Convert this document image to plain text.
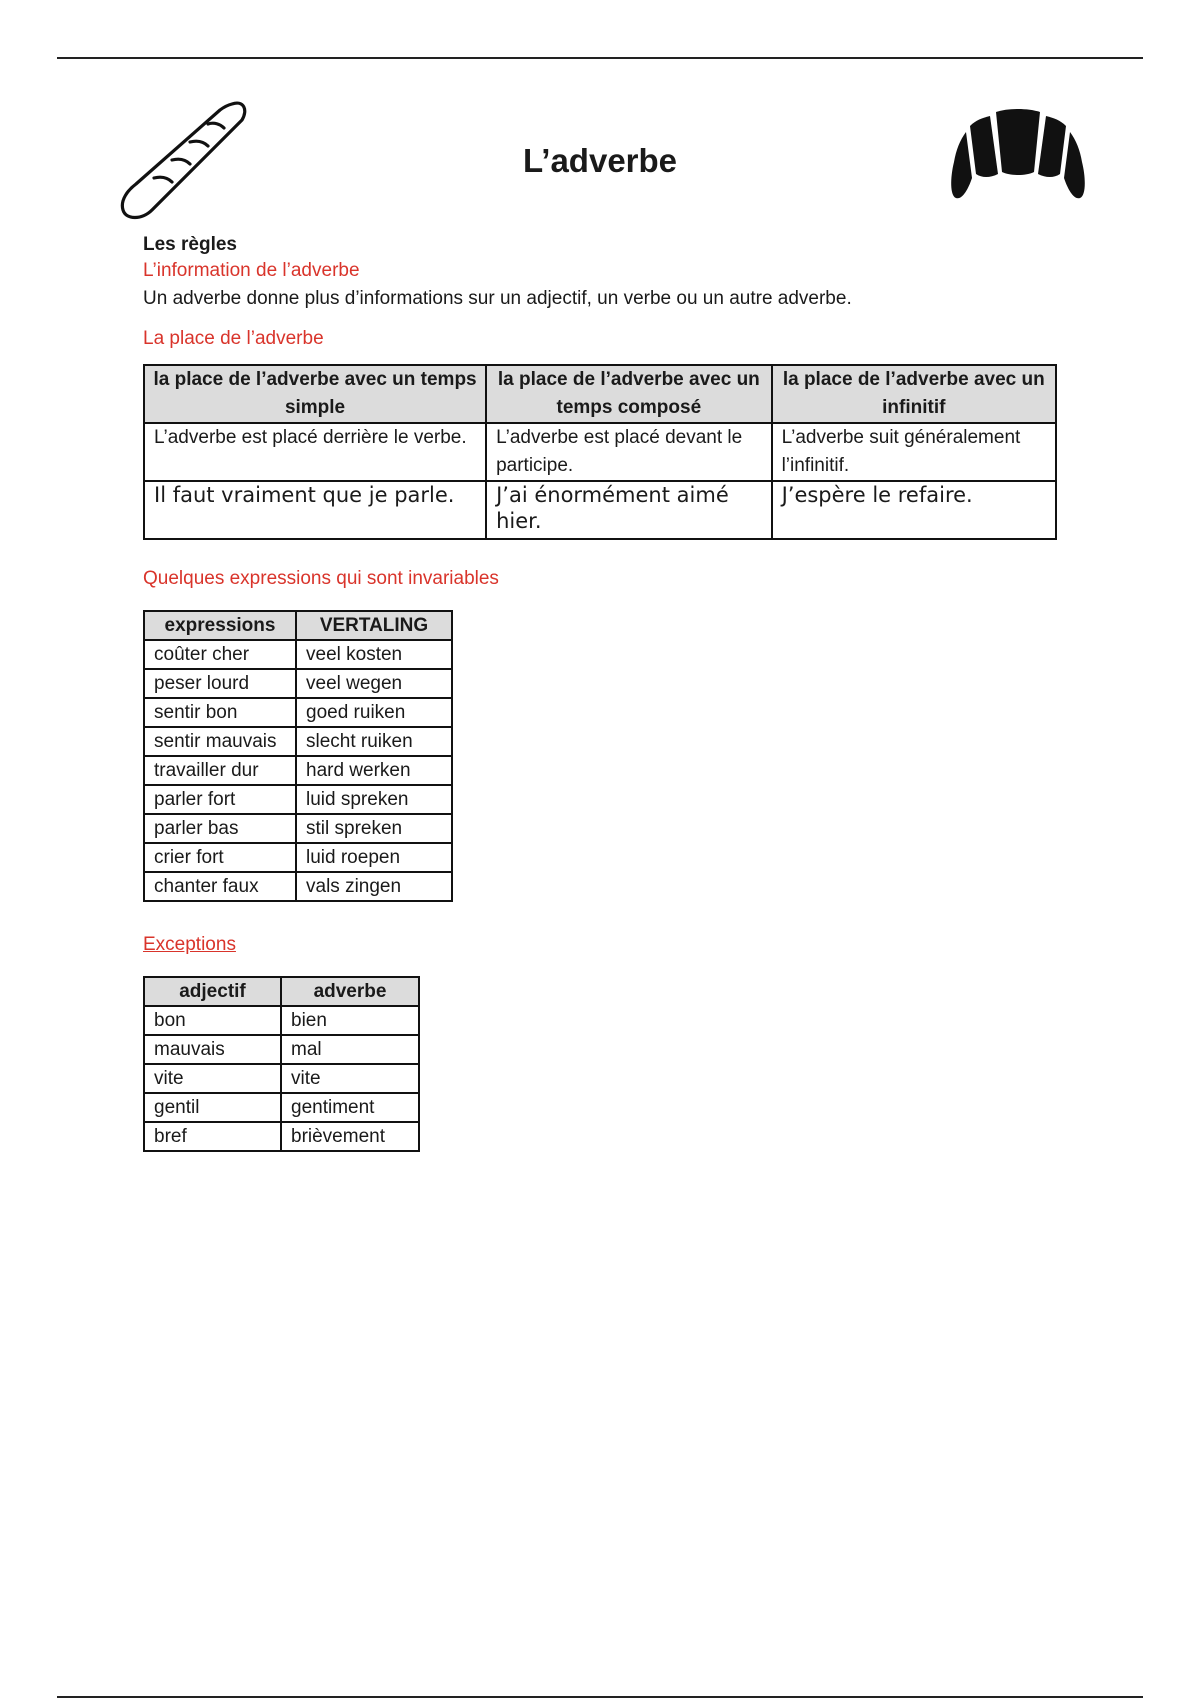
L’adverbe

Les règles

L’information de l’adverbe

Un adverbe donne plus d’informations sur un adjectif, un verbe ou un autre adverbe.

La place de l’adverbe

la place de l’adverbe avec un temps simple	la place de l’adverbe avec un temps composé	la place de l’adverbe avec un infinitif
L’adverbe est placé derrière le verbe.	L’adverbe est placé devant le participe.	L’adverbe suit généralement l’infinitif.
Il faut vraiment que je parle.	J’ai énormément aimé hier.	J’espère le refaire.

Quelques expressions qui sont invariables

expressions	VERTALING
coûter cher	veel kosten
peser lourd	veel wegen
sentir bon	goed ruiken
sentir mauvais	slecht ruiken
travailler dur	hard werken
parler fort	luid spreken
parler bas	stil spreken
crier fort	luid roepen
chanter faux	vals zingen

Exceptions

adjectif	adverbe
bon	bien
mauvais	mal
vite	vite
gentil	gentiment
bref	brièvement
